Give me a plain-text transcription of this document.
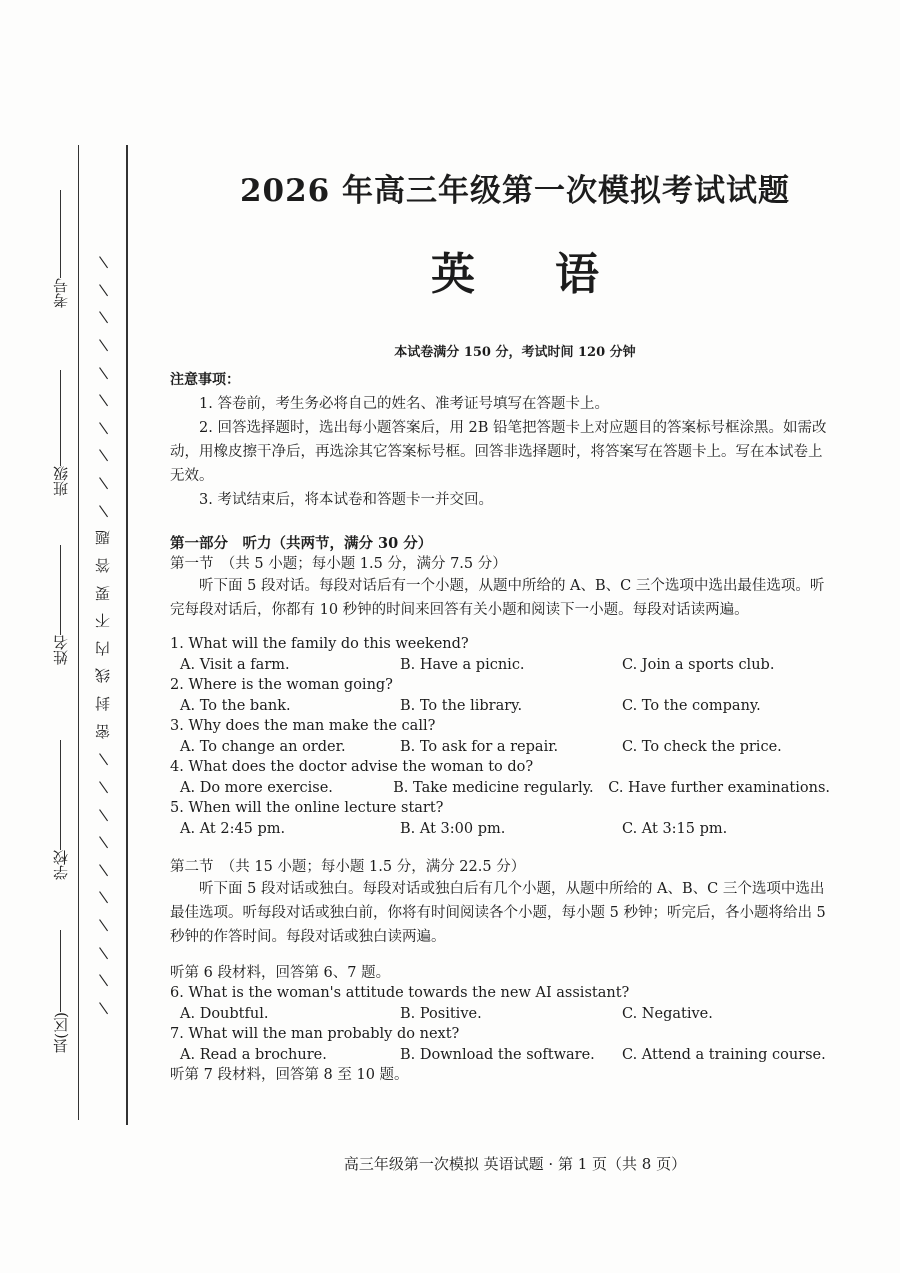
考号
班级
姓名
学校
县(区)
|
|
|
|
|
|
|
|
|
|
题
答
要
不
内
线
封
密
|
|
|
|
|
|
|
|
|
|
2026 年高三年级第一次模拟考试试题
英语
本试卷满分 150 分，考试时间 120 分钟
注意事项：
1. 答卷前，考生务必将自己的姓名、准考证号填写在答题卡上。
2. 回答选择题时，选出每小题答案后，用 2B 铅笔把答题卡上对应题目的答案标号框涂黑。如需改动，用橡皮擦干净后，再选涂其它答案标号框。回答非选择题时，将答案写在答题卡上。写在本试卷上无效。
3. 考试结束后，将本试卷和答题卡一并交回。
第一部分　听力（共两节，满分 30 分）
第一节　（共 5 小题；每小题 1.5 分，满分 7.5 分）
听下面 5 段对话。每段对话后有一个小题，从题中所给的 A、B、C 三个选项中选出最佳选项。听完每段对话后，你都有 10 秒钟的时间来回答有关小题和阅读下一小题。每段对话读两遍。
1. What will the family do this weekend?
A. Visit a farm.	B. Have a picnic.	C. Join a sports club.
2. Where is the woman going?
A. To the bank.	B. To the library.	C. To the company.
3. Why does the man make the call?
A. To change an order.	B. To ask for a repair.	C. To check the price.
4. What does the doctor advise the woman to do?
A. Do more exercise.	B. Take medicine regularly.	C. Have further examinations.
5. When will the online lecture start?
A. At 2:45 pm.	B. At 3:00 pm.	C. At 3:15 pm.
第二节　（共 15 小题；每小题 1.5 分，满分 22.5 分）
听下面 5 段对话或独白。每段对话或独白后有几个小题，从题中所给的 A、B、C 三个选项中选出最佳选项。听每段对话或独白前，你将有时间阅读各个小题，每小题 5 秒钟；听完后，各小题将给出 5 秒钟的作答时间。每段对话或独白读两遍。
听第 6 段材料，回答第 6、7 题。
6. What is the woman's attitude towards the new AI assistant?
A. Doubtful.	B. Positive.	C. Negative.
7. What will the man probably do next?
A. Read a brochure.	B. Download the software.	C. Attend a training course.
听第 7 段材料，回答第 8 至 10 题。
高三年级第一次模拟 英语试题 · 第 1 页（共 8 页）
